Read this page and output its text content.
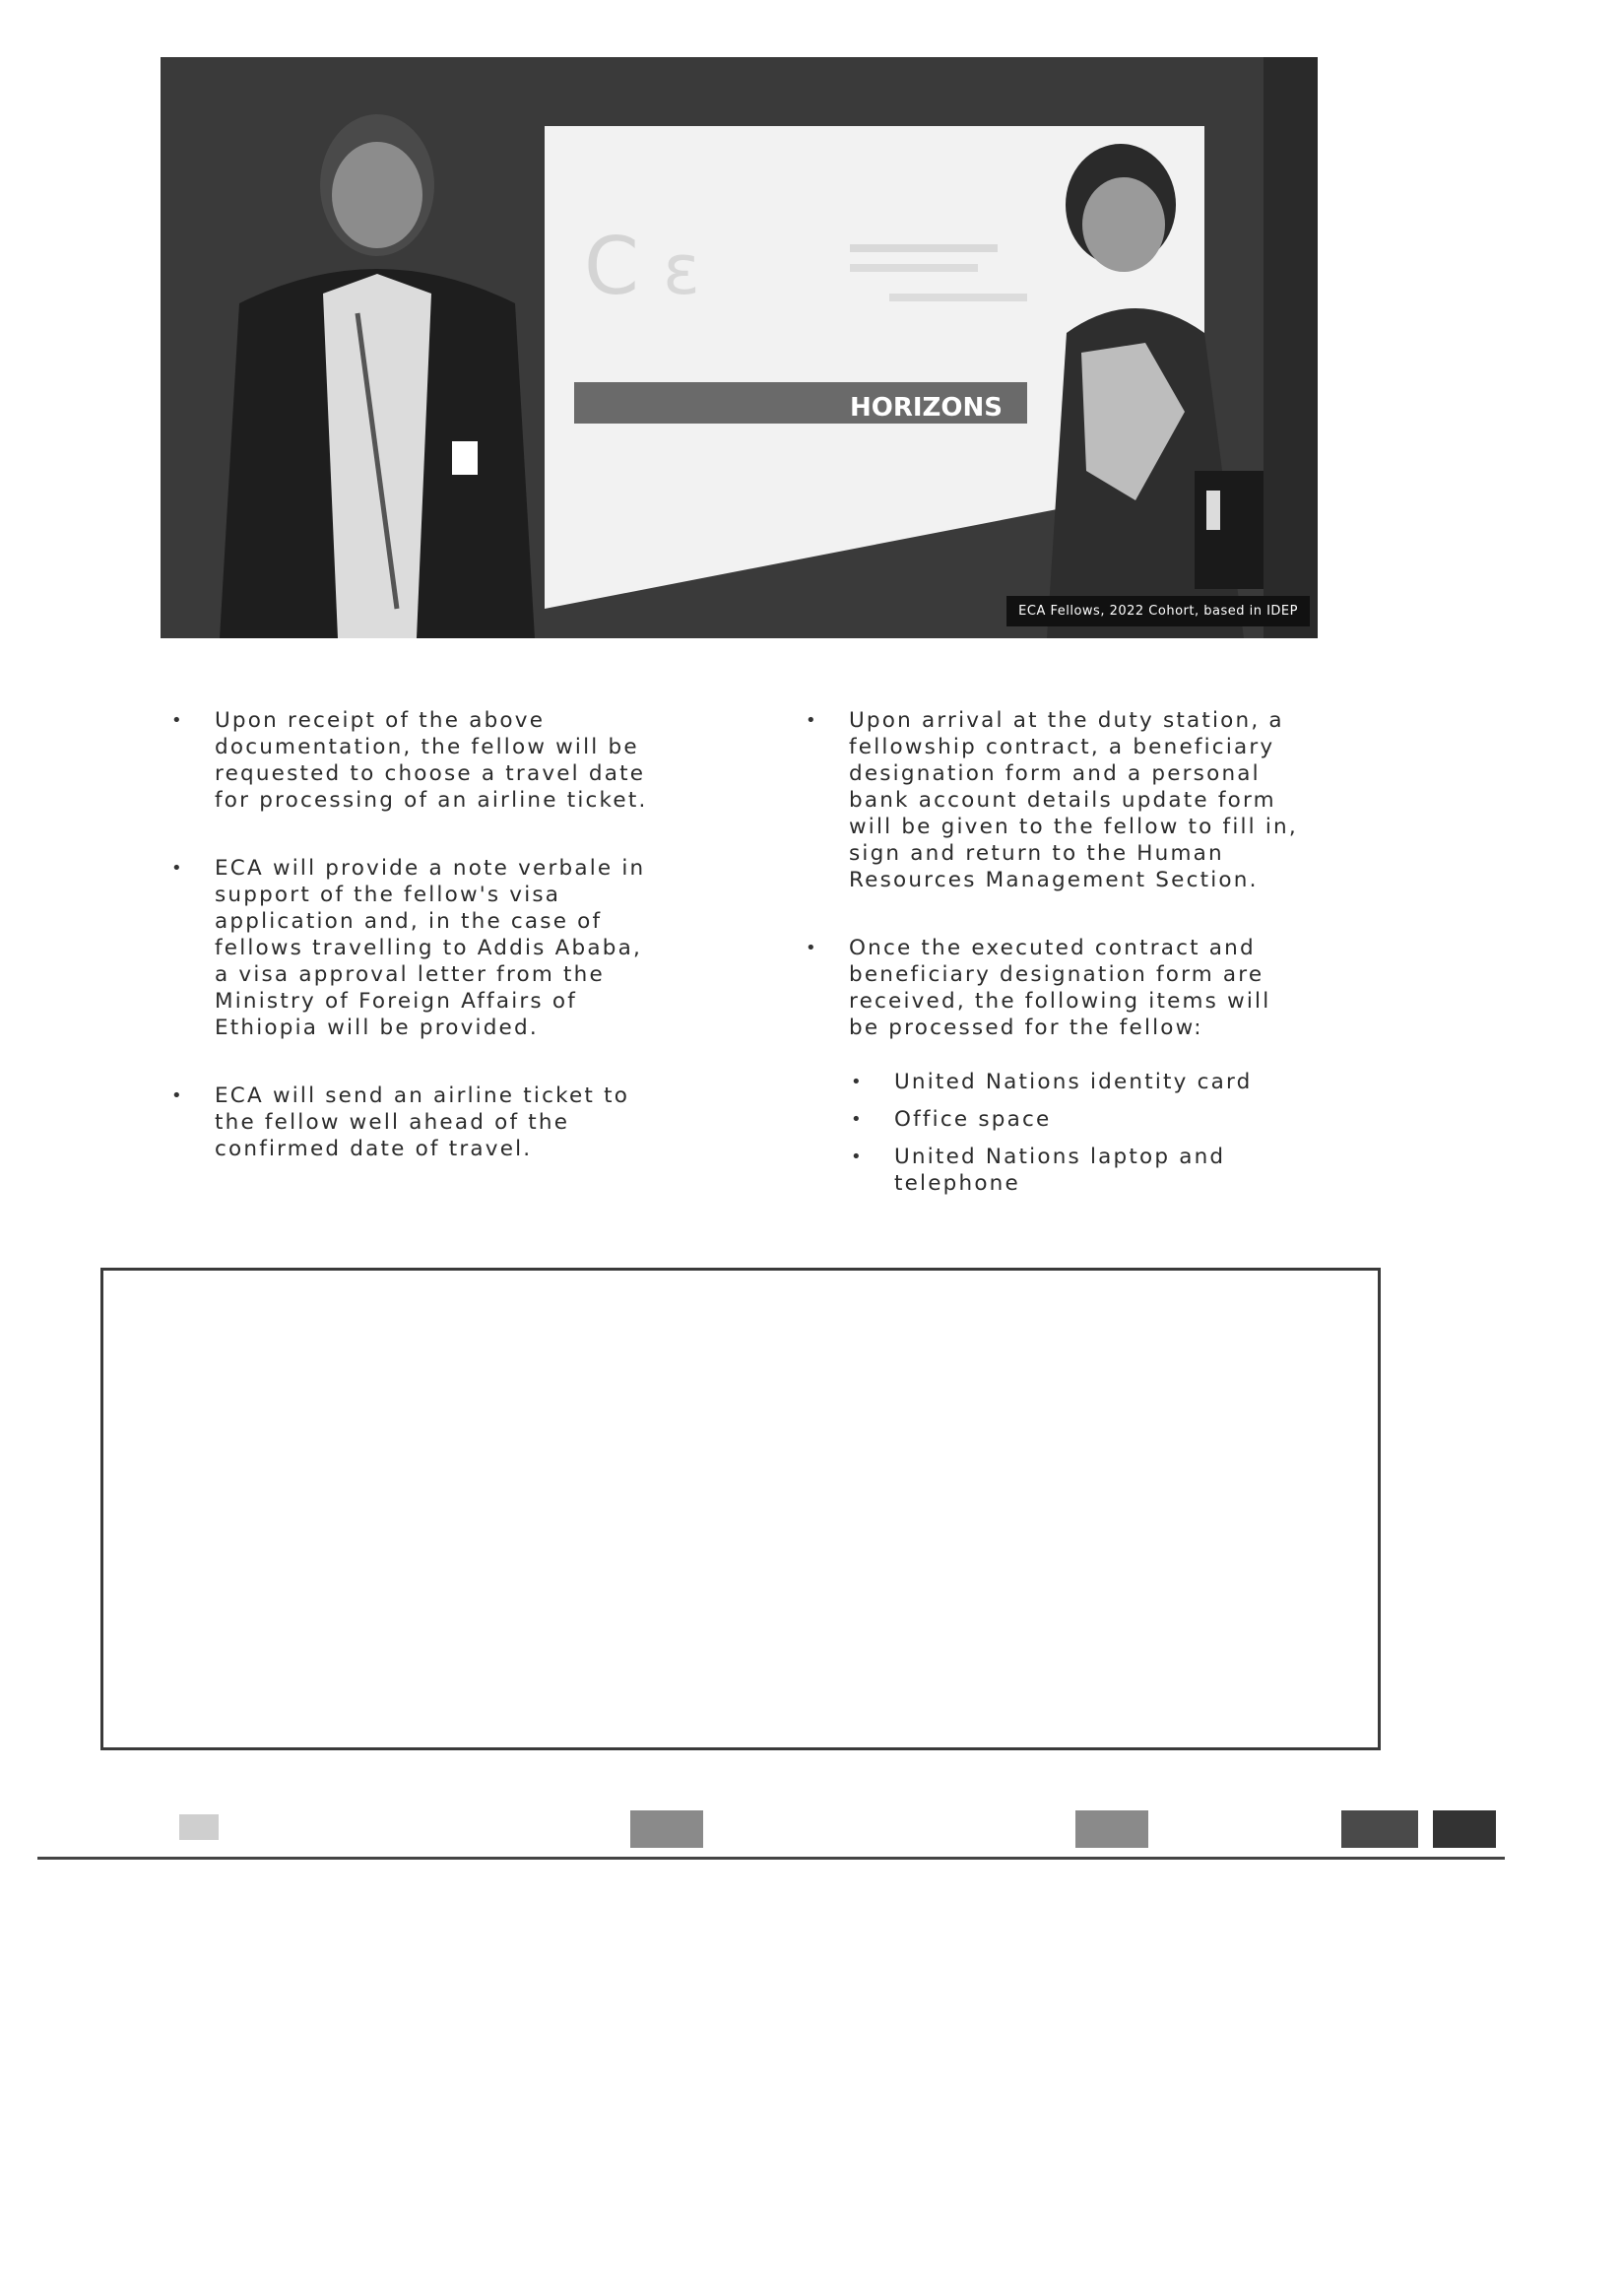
C ε
HORIZONS
ECA Fellows, 2022 Cohort, based in IDEP
• Upon receipt of the above
documentation, the fellow will be
requested to choose a travel date
for processing of an airline ticket.
• ECA will provide a note verbale in
support of the fellow's visa
application and, in the case of
fellows travelling to Addis Ababa,
a visa approval letter from the
Ministry of Foreign Affairs of
Ethiopia will be provided.
• ECA will send an airline ticket to
the fellow well ahead of the
confirmed date of travel.
• Upon arrival at the duty station, a
fellowship contract, a beneficiary
designation form and a personal
bank account details update form
will be given to the fellow to fill in,
sign and return to the Human
Resources Management Section.
• Once the executed contract and
beneficiary designation form are
received, the following items will
be processed for the fellow:
• United Nations identity card
• Office space
• United Nations laptop and
telephone
